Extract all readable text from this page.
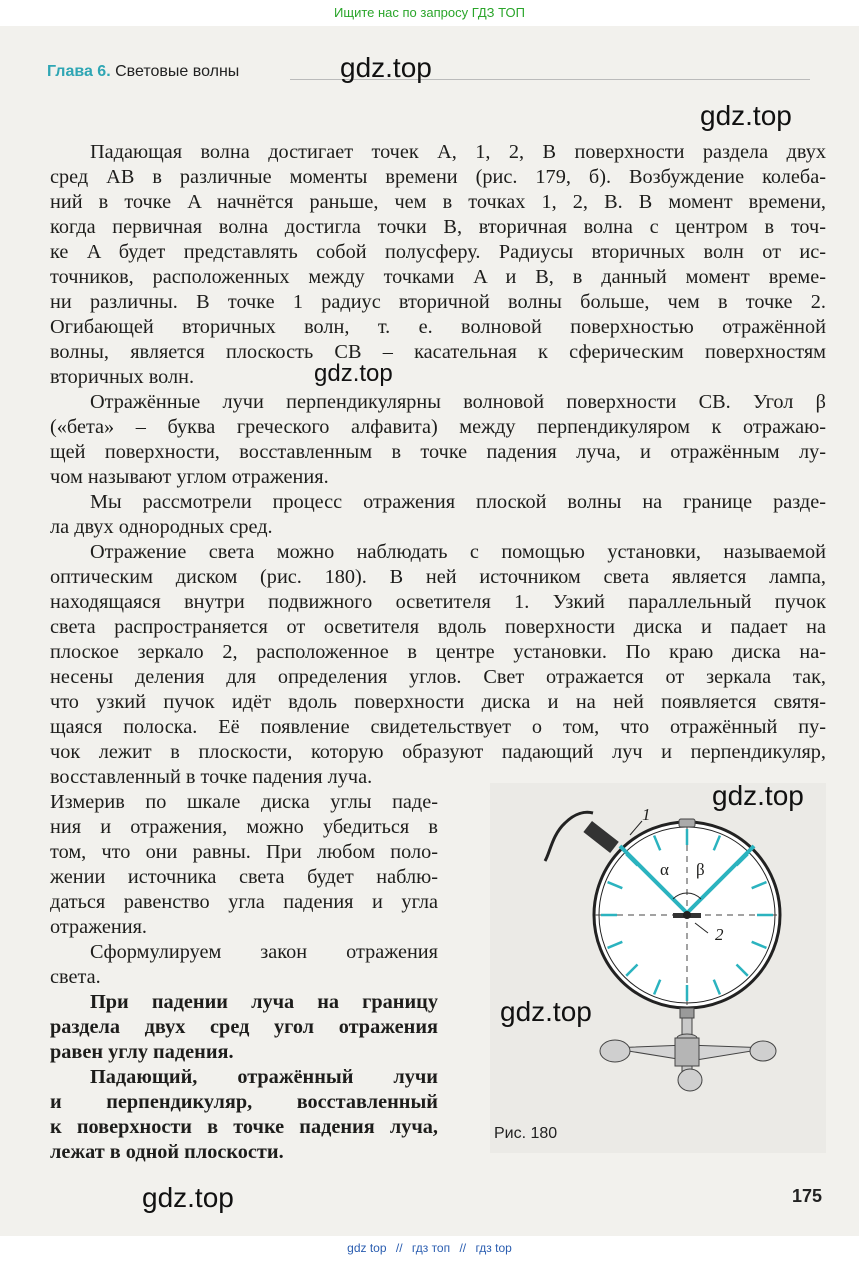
Ищите нас по запросу ГДЗ ТОП
Глава 6. Световые волны
Падающая волна достигает точек A, 1, 2, B поверхности раздела двух
сред AB в различные моменты времени (рис. 179, б). Возбуждение колеба-
ний в точке A начнётся раньше, чем в точках 1, 2, B. В момент времени,
когда первичная волна достигла точки B, вторичная волна с центром в точ-
ке A будет представлять собой полусферу. Радиусы вторичных волн от ис-
точников, расположенных между точками A и B, в данный момент време-
ни различны. В точке 1 радиус вторичной волны больше, чем в точке 2.
Огибающей вторичных волн, т. е. волновой поверхностью отражённой
волны, является плоскость CB – касательная к сферическим поверхностям
вторичных волн.
Отражённые лучи перпендикулярны волновой поверхности CB. Угол β
(«бета» – буква греческого алфавита) между перпендикуляром к отражаю-
щей поверхности, восставленным в точке падения луча, и отражённым лу-
чом называют углом отражения.
Мы рассмотрели процесс отражения плоской волны на границе разде-
ла двух однородных сред.
Отражение света можно наблюдать с помощью установки, называемой
оптическим диском (рис. 180). В ней источником света является лампа,
находящаяся внутри подвижного осветителя 1. Узкий параллельный пучок
света распространяется от осветителя вдоль поверхности диска и падает на
плоское зеркало 2, расположенное в центре установки. По краю диска на-
несены деления для определения углов. Свет отражается от зеркала так,
что узкий пучок идёт вдоль поверхности диска и на ней появляется святя-
щаяся полоска. Её появление свидетельствует о том, что отражённый пу-
чок лежит в плоскости, которую образуют падающий луч и перпендикуляр,
восставленный в точке падения луча.
Измерив по шкале диска углы паде-
ния и отражения, можно убедиться в
том, что они равны. При любом поло-
жении источника света будет наблю-
даться равенство угла падения и угла
отражения.
Сформулируем закон отражения
света.
При падении луча на границу
раздела двух сред угол отражения
равен углу падения.
Падающий, отражённый лучи
и перпендикуляр, восставленный
к поверхности в точке падения луча,
лежат в одной плоскости.
1
2
α β
Рис. 180
175
gdz.top
gdz.top
gdz.top
gdz.top
gdz.top
gdz.top
gdz top // гдз топ // гдз top
